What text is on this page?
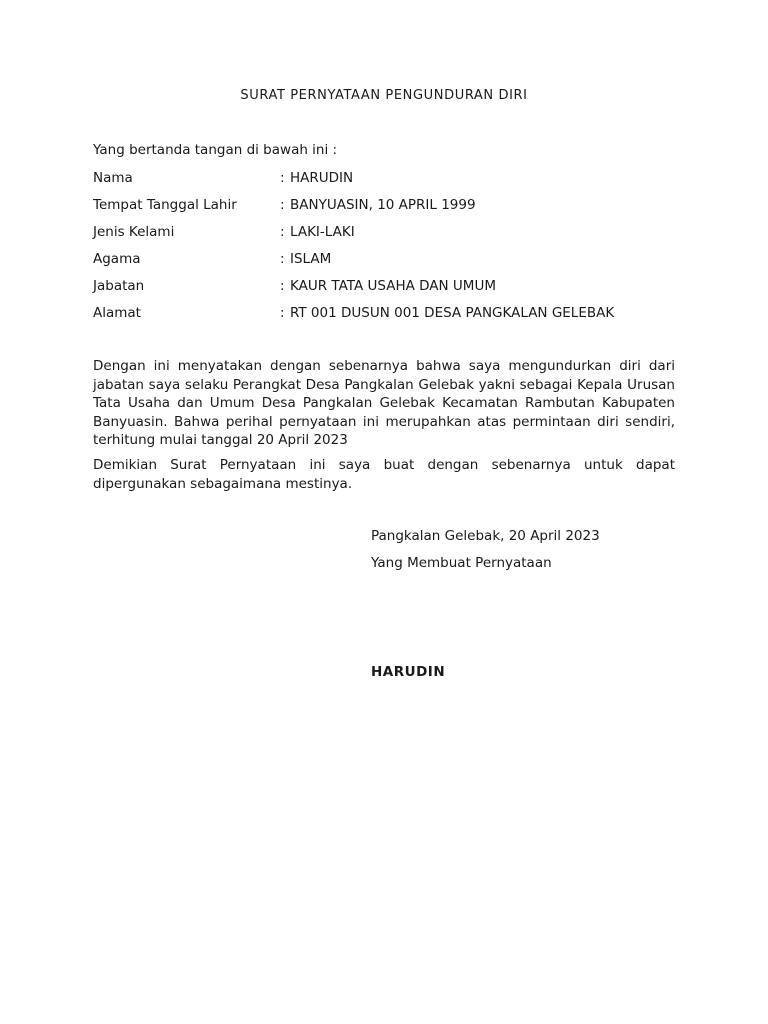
SURAT PERNYATAAN PENGUNDURAN DIRI
Yang bertanda tangan di bawah ini :
Nama	: HARUDIN
Tempat Tanggal Lahir	: BANYUASIN, 10 APRIL 1999
Jenis Kelami	: LAKI-LAKI
Agama	: ISLAM
Jabatan	: KAUR TATA USAHA DAN UMUM
Alamat	: RT 001 DUSUN 001 DESA PANGKALAN GELEBAK
Dengan ini menyatakan dengan sebenarnya bahwa saya mengundurkan diri dari jabatan saya selaku Perangkat Desa Pangkalan Gelebak yakni sebagai Kepala Urusan Tata Usaha dan Umum Desa Pangkalan Gelebak Kecamatan Rambutan Kabupaten Banyuasin. Bahwa perihal pernyataan ini merupahkan atas permintaan diri sendiri, terhitung mulai tanggal 20 April 2023
Demikian Surat Pernyataan ini saya buat dengan sebenarnya untuk dapat dipergunakan sebagaimana mestinya.
Pangkalan Gelebak, 20 April 2023
Yang Membuat Pernyataan
HARUDIN
